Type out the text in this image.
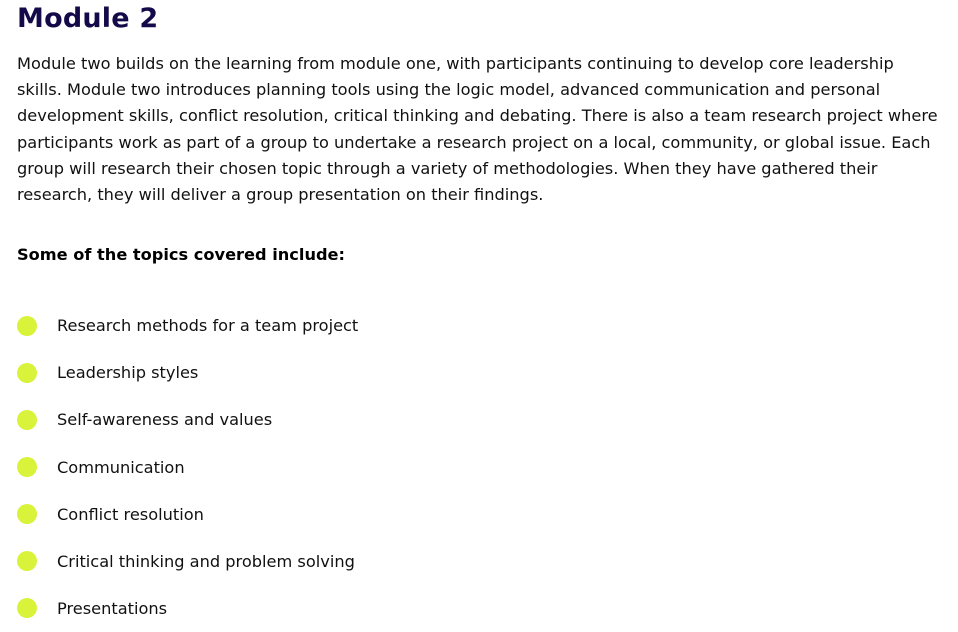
Module 2

Module two builds on the learning from module one, with participants continuing to develop core leadership skills. Module two introduces planning tools using the logic model, advanced communication and personal development skills, conflict resolution, critical thinking and debating. There is also a team research project where participants work as part of a group to undertake a research project on a local, community, or global issue. Each group will research their chosen topic through a variety of methodologies. When they have gathered their research, they will deliver a group presentation on their findings.

Some of the topics covered include:

Research methods for a team project
Leadership styles
Self-awareness and values
Communication
Conflict resolution
Critical thinking and problem solving
Presentations
